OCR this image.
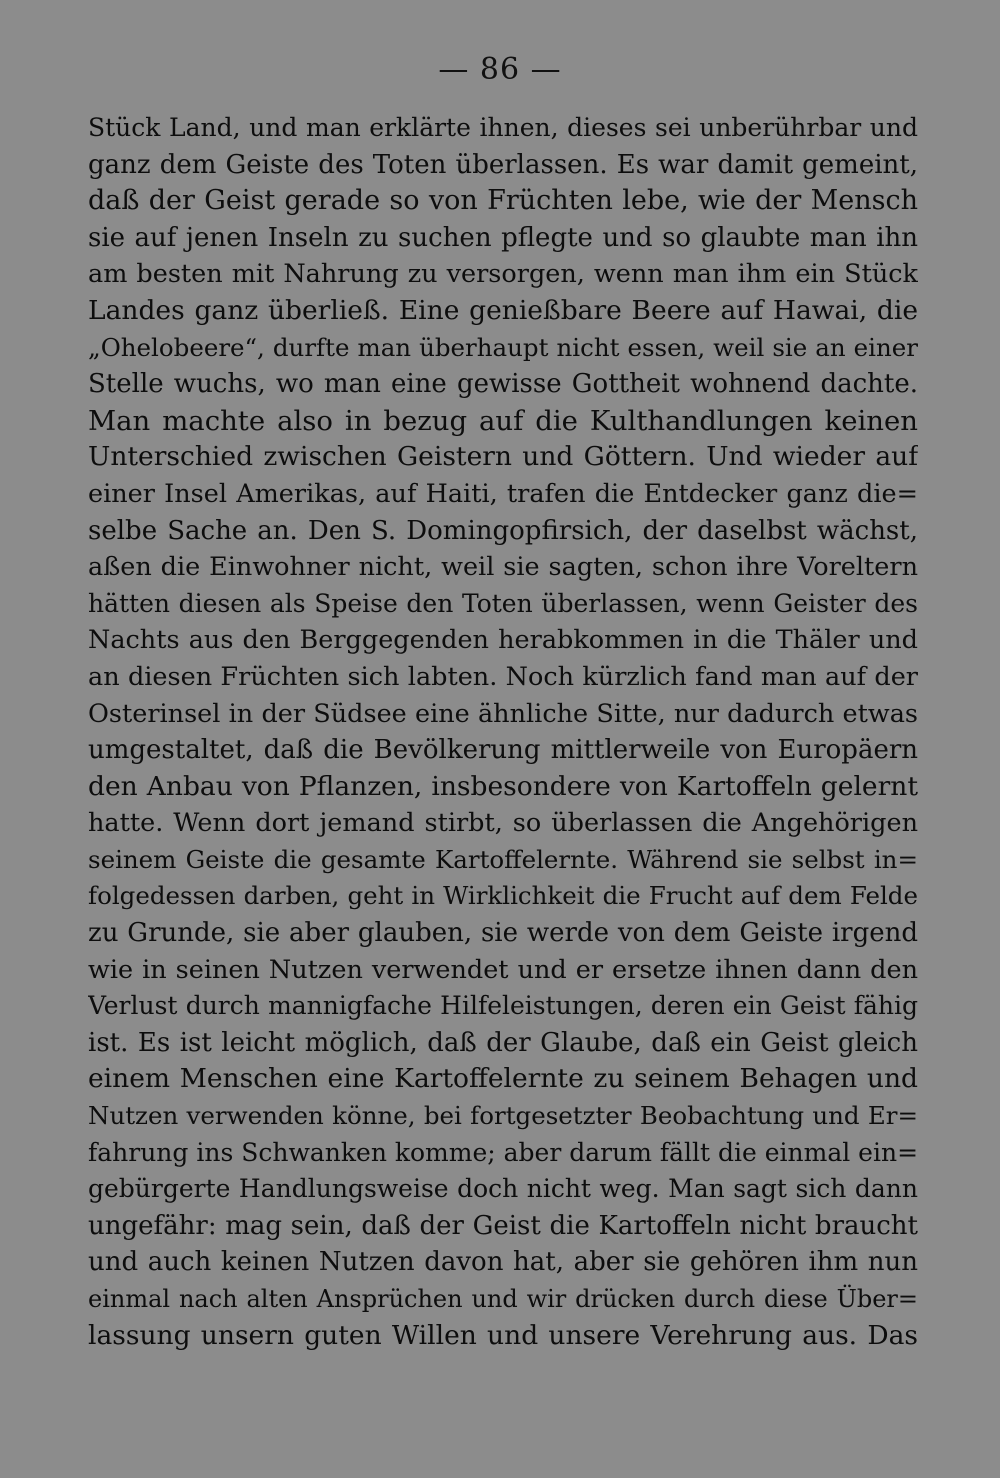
— 86 —
Stück Land, und man erklärte ihnen, dieses sei unberührbar und
ganz dem Geiste des Toten überlassen. Es war damit gemeint,
daß der Geist gerade so von Früchten lebe, wie der Mensch
sie auf jenen Inseln zu suchen pflegte und so glaubte man ihn
am besten mit Nahrung zu versorgen, wenn man ihm ein Stück
Landes ganz überließ. Eine genießbare Beere auf Hawai, die
„Ohelobeere“, durfte man überhaupt nicht essen, weil sie an einer
Stelle wuchs, wo man eine gewisse Gottheit wohnend dachte.
Man machte also in bezug auf die Kulthandlungen keinen
Unterschied zwischen Geistern und Göttern. Und wieder auf
einer Insel Amerikas, auf Haiti, trafen die Entdecker ganz die=
selbe Sache an. Den S. Domingopfirsich, der daselbst wächst,
aßen die Einwohner nicht, weil sie sagten, schon ihre Voreltern
hätten diesen als Speise den Toten überlassen, wenn Geister des
Nachts aus den Berggegenden herabkommen in die Thäler und
an diesen Früchten sich labten. Noch kürzlich fand man auf der
Osterinsel in der Südsee eine ähnliche Sitte, nur dadurch etwas
umgestaltet, daß die Bevölkerung mittlerweile von Europäern
den Anbau von Pflanzen, insbesondere von Kartoffeln gelernt
hatte. Wenn dort jemand stirbt, so überlassen die Angehörigen
seinem Geiste die gesamte Kartoffelernte. Während sie selbst in=
folgedessen darben, geht in Wirklichkeit die Frucht auf dem Felde
zu Grunde, sie aber glauben, sie werde von dem Geiste irgend
wie in seinen Nutzen verwendet und er ersetze ihnen dann den
Verlust durch mannigfache Hilfeleistungen, deren ein Geist fähig
ist. Es ist leicht möglich, daß der Glaube, daß ein Geist gleich
einem Menschen eine Kartoffelernte zu seinem Behagen und
Nutzen verwenden könne, bei fortgesetzter Beobachtung und Er=
fahrung ins Schwanken komme; aber darum fällt die einmal ein=
gebürgerte Handlungsweise doch nicht weg. Man sagt sich dann
ungefähr: mag sein, daß der Geist die Kartoffeln nicht braucht
und auch keinen Nutzen davon hat, aber sie gehören ihm nun
einmal nach alten Ansprüchen und wir drücken durch diese Über=
lassung unsern guten Willen und unsere Verehrung aus. Das
